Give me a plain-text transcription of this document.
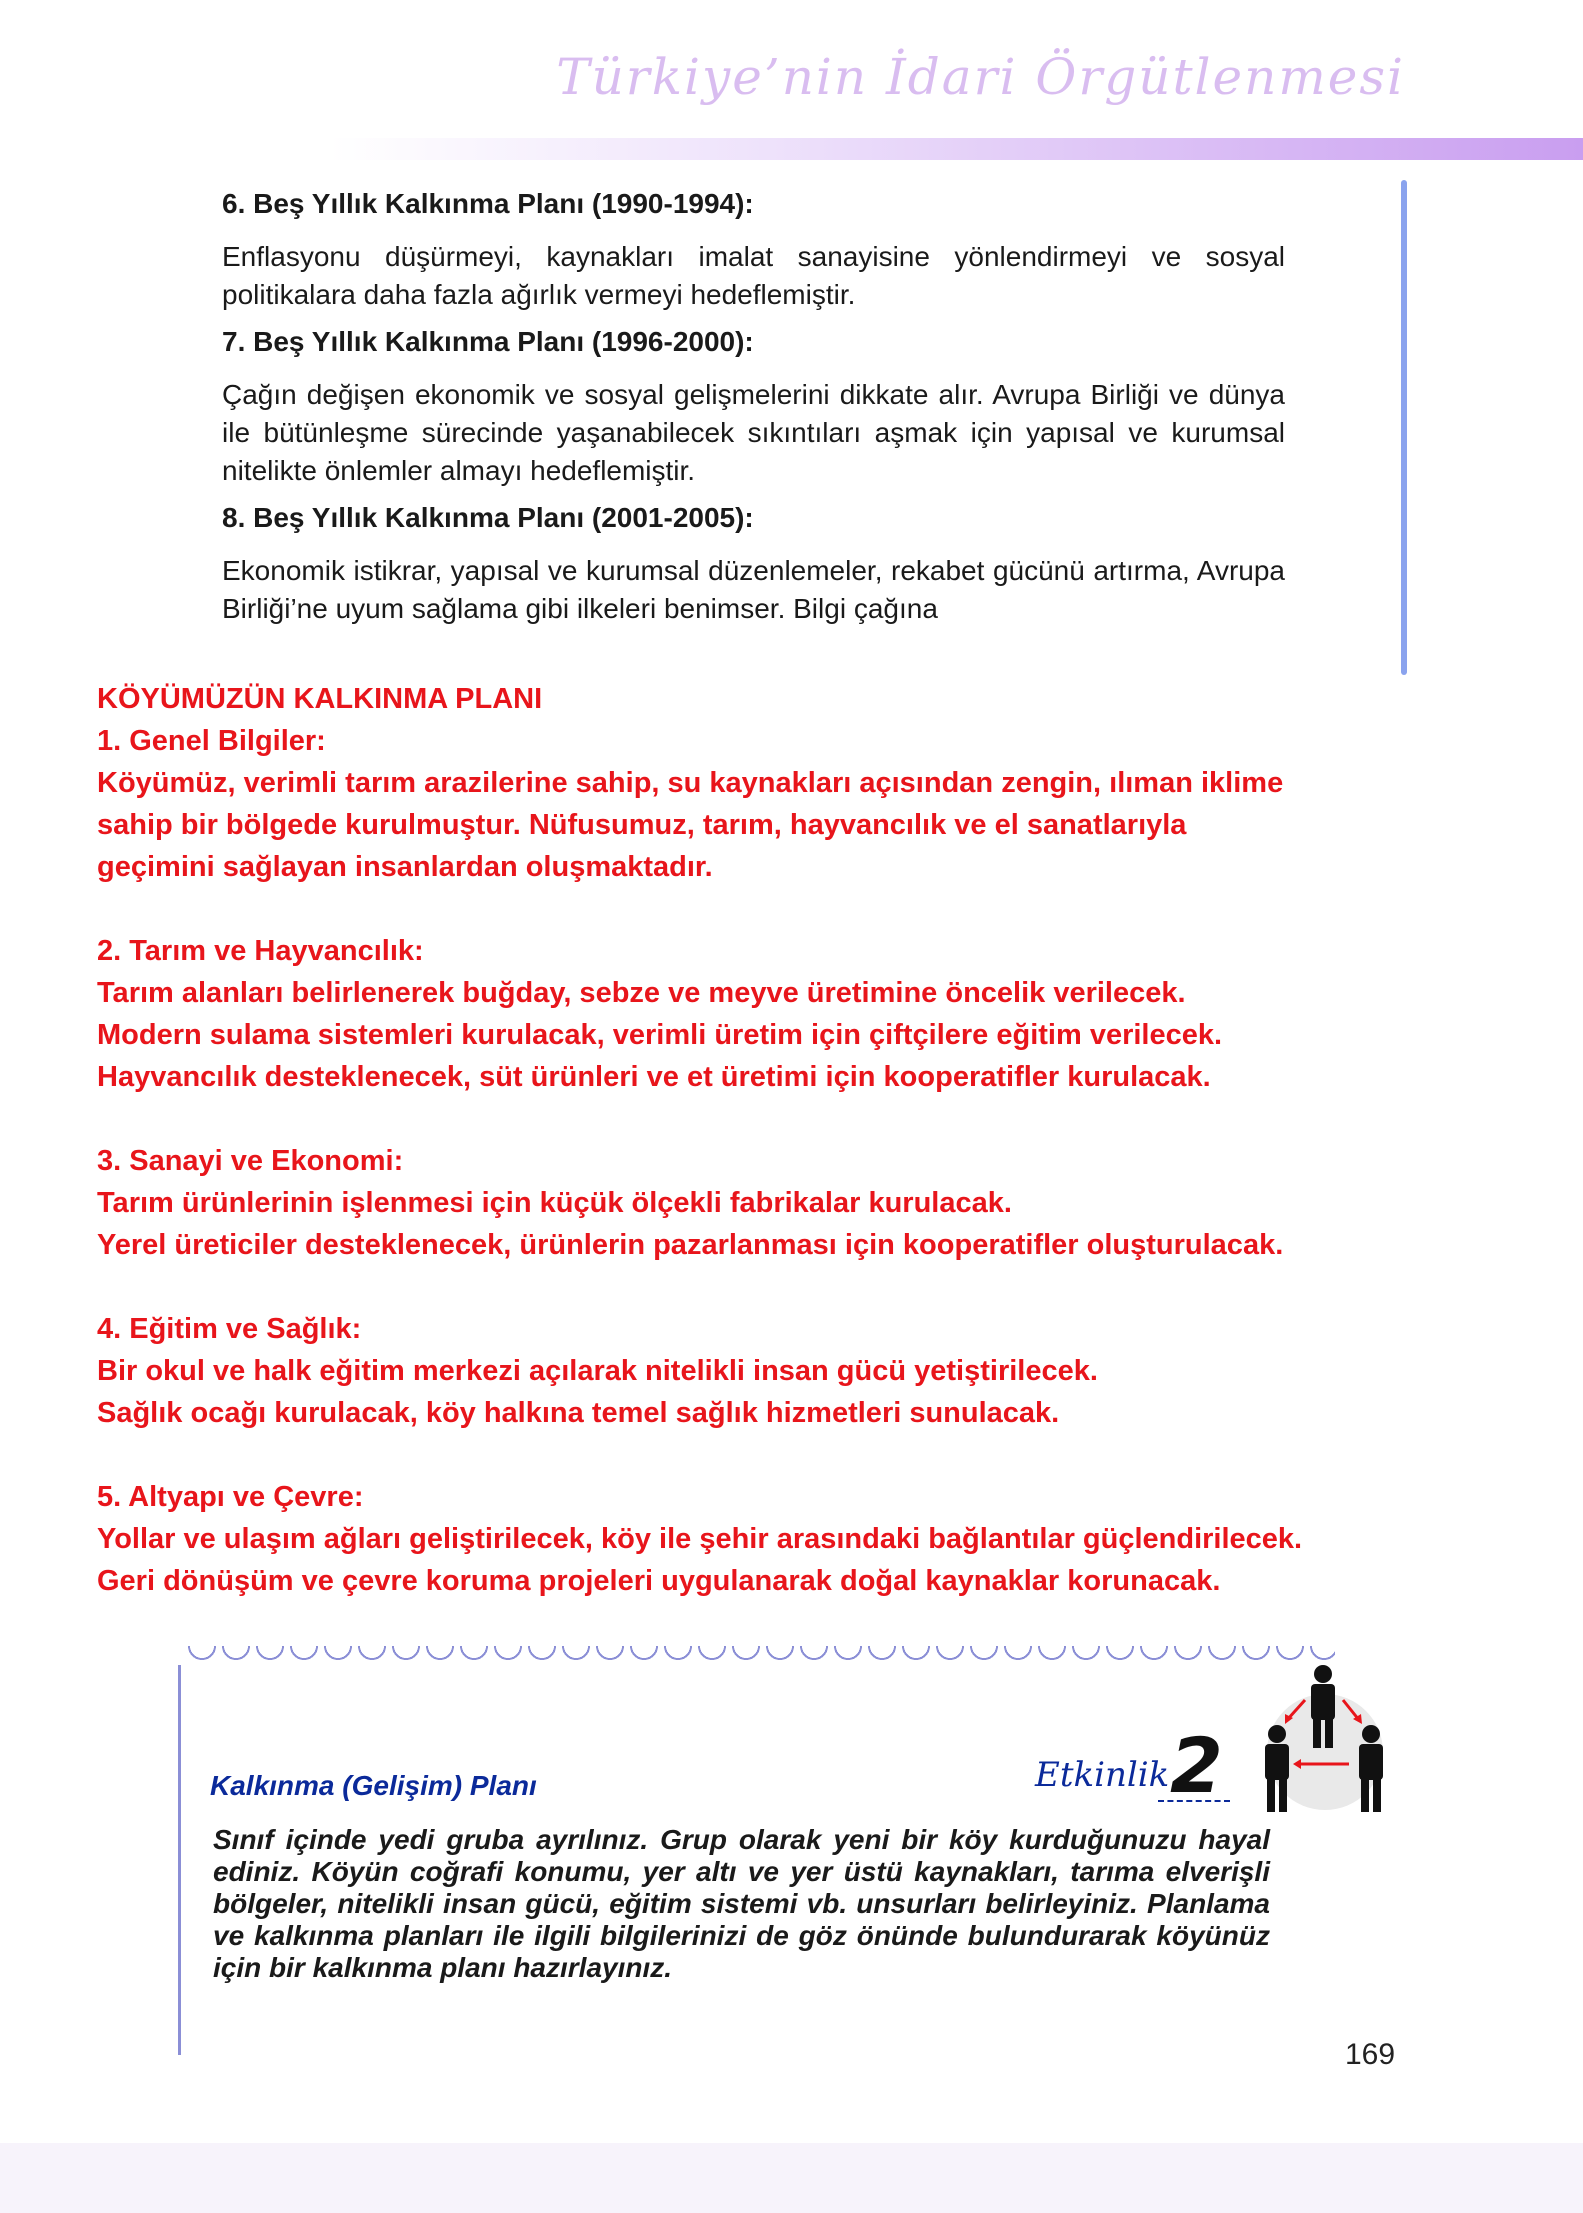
Türkiye’nin İdari Örgütlenmesi
6. Beş Yıllık Kalkınma Planı (1990-1994):

Enflasyonu düşürmeyi, kaynakları imalat sanayisine yönlendirmeyi ve sosyal politikalara daha fazla ağırlık vermeyi hedeflemiştir.

7. Beş Yıllık Kalkınma Planı (1996-2000):

Çağın değişen ekonomik ve sosyal gelişmelerini dikkate alır. Avrupa Birliği ve dünya ile bütünleşme sürecinde yaşanabilecek sıkıntıları aşmak için yapısal ve kurumsal nitelikte önlemler almayı hedeflemiştir.

8. Beş Yıllık Kalkınma Planı (2001-2005):

Ekonomik istikrar, yapısal ve kurumsal düzenlemeler, rekabet gücünü artırma, Avrupa Birliği’ne uyum sağlama gibi ilkeleri benimser. Bilgi çağına

KÖYÜMÜZÜN KALKINMA PLANI
1. Genel Bilgiler:
Köyümüz, verimli tarım arazilerine sahip, su kaynakları açısından zengin, ılıman iklime
sahip bir bölgede kurulmuştur. Nüfusumuz, tarım, hayvancılık ve el sanatlarıyla
geçimini sağlayan insanlardan oluşmaktadır.
2. Tarım ve Hayvancılık:
Tarım alanları belirlenerek buğday, sebze ve meyve üretimine öncelik verilecek.
Modern sulama sistemleri kurulacak, verimli üretim için çiftçilere eğitim verilecek.
Hayvancılık desteklenecek, süt ürünleri ve et üretimi için kooperatifler kurulacak.
3. Sanayi ve Ekonomi:
Tarım ürünlerinin işlenmesi için küçük ölçekli fabrikalar kurulacak.
Yerel üreticiler desteklenecek, ürünlerin pazarlanması için kooperatifler oluşturulacak.
4. Eğitim ve Sağlık:
Bir okul ve halk eğitim merkezi açılarak nitelikli insan gücü yetiştirilecek.
Sağlık ocağı kurulacak, köy halkına temel sağlık hizmetleri sunulacak.
5. Altyapı ve Çevre:
Yollar ve ulaşım ağları geliştirilecek, köy ile şehir arasındaki bağlantılar güçlendirilecek.
Geri dönüşüm ve çevre koruma projeleri uygulanarak doğal kaynaklar korunacak.
Kalkınma (Gelişim) Planı	Etkinlik 2

Sınıf içinde yedi gruba ayrılınız. Grup olarak yeni bir köy kurduğunuzu hayal ediniz. Köyün coğrafi konumu, yer altı ve yer üstü kaynakları, tarıma elverişli bölgeler, nitelikli insan gücü, eğitim sistemi vb. unsurları belirleyiniz. Planlama ve kalkınma planları ile ilgili bilgilerinizi de göz önünde bulundurarak köyünüz için bir kalkınma planı hazırlayınız.

169
